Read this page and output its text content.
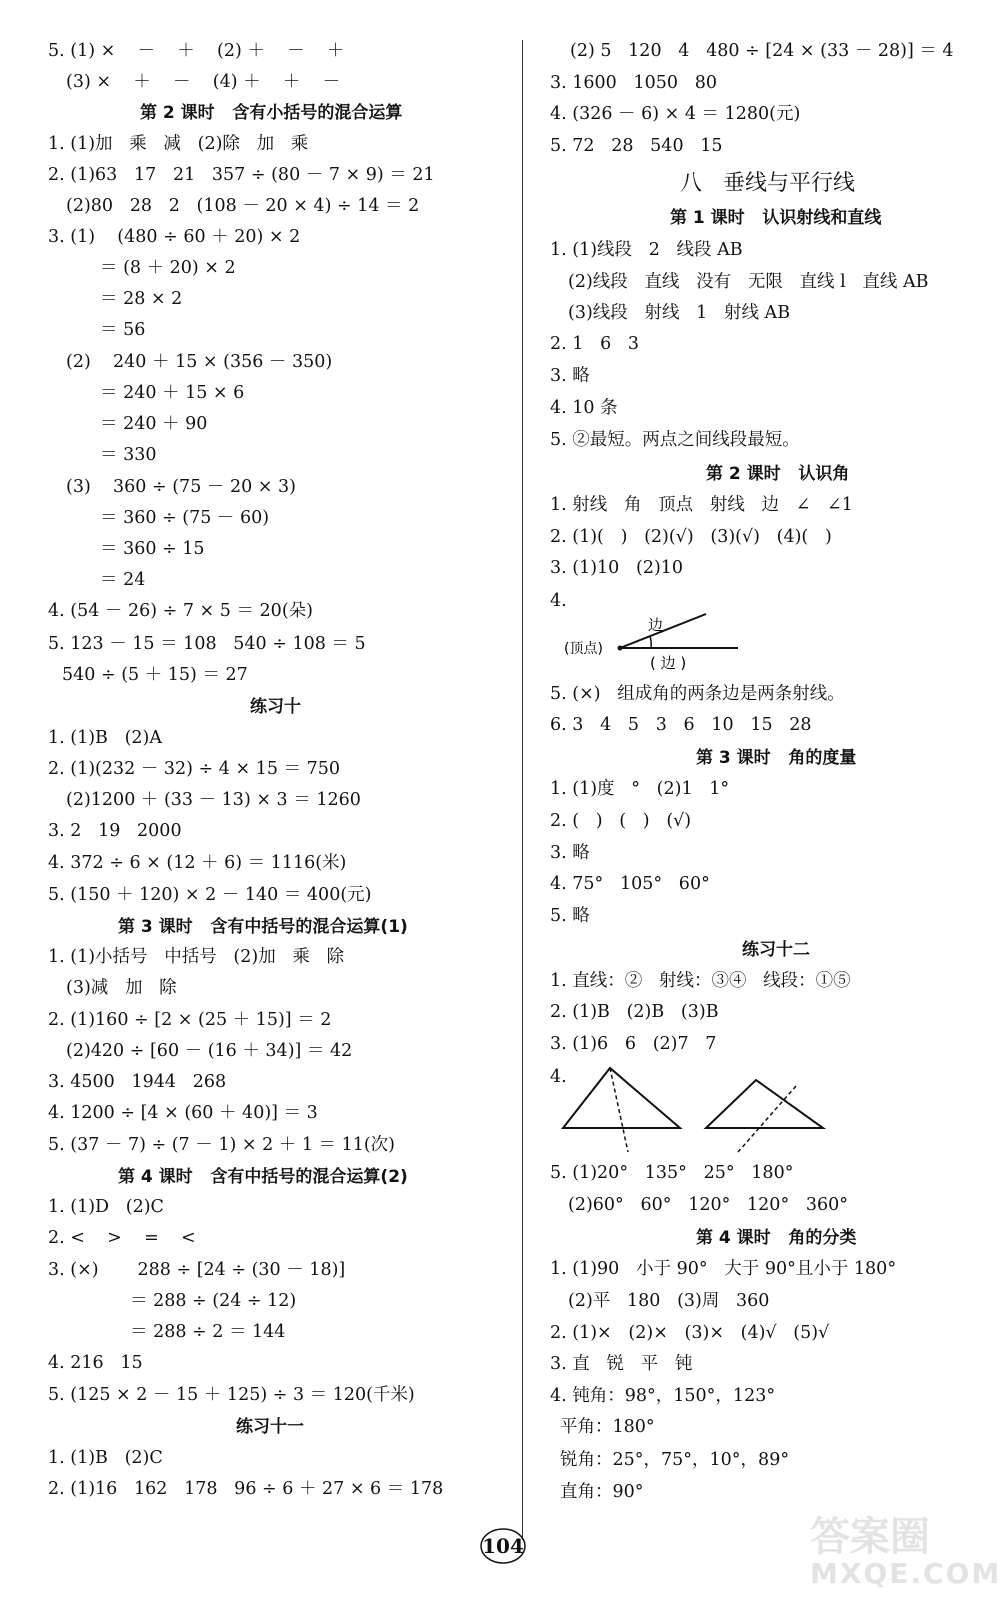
5. (1) ×    －    ＋    (2) ＋    －    ＋
(3) ×    ＋    －    (4) ＋    ＋    －
第 2 课时   含有小括号的混合运算
1. (1)加   乘   减   (2)除   加   乘
2. (1)63   17   21   357 ÷ (80 － 7 × 9) ＝ 21
(2)80   28   2   (108 － 20 × 4) ÷ 14 ＝ 2
3. (1)    (480 ÷ 60 ＋ 20) × 2
＝ (8 ＋ 20) × 2
＝ 28 × 2
＝ 56
(2)    240 ＋ 15 × (356 － 350)
＝ 240 ＋ 15 × 6
＝ 240 ＋ 90
＝ 330
(3)    360 ÷ (75 － 20 × 3)
＝ 360 ÷ (75 － 60)
＝ 360 ÷ 15
＝ 24
4. (54 － 26) ÷ 7 × 5 ＝ 20(朵)
5. 123 － 15 ＝ 108   540 ÷ 108 ＝ 5
540 ÷ (5 ＋ 15) ＝ 27
练习十
1. (1)B   (2)A
2. (1)(232 － 32) ÷ 4 × 15 ＝ 750
(2)1200 ＋ (33 － 13) × 3 ＝ 1260
3. 2   19   2000
4. 372 ÷ 6 × (12 ＋ 6) ＝ 1116(米)
5. (150 ＋ 120) × 2 － 140 ＝ 400(元)
第 3 课时   含有中括号的混合运算(1)
1. (1)小括号   中括号   (2)加   乘   除
(3)减   加   除
2. (1)160 ÷ [2 × (25 ＋ 15)] ＝ 2
(2)420 ÷ [60 － (16 ＋ 34)] ＝ 42
3. 4500   1944   268
4. 1200 ÷ [4 × (60 ＋ 40)] ＝ 3
5. (37 － 7) ÷ (7 － 1) × 2 ＋ 1 ＝ 11(次)
第 4 课时   含有中括号的混合运算(2)
1. (1)D   (2)C
2. <    >    =    <
3. (×)       288 ÷ [24 ÷ (30 － 18)]
＝ 288 ÷ (24 ÷ 12)
＝ 288 ÷ 2 ＝ 144
4. 216   15
5. (125 × 2 － 15 ＋ 125) ÷ 3 ＝ 120(千米)
练习十一
1. (1)B   (2)C
2. (1)16   162   178   96 ÷ 6 ＋ 27 × 6 ＝ 178
边
( 边 )
(顶点)
(2) 5   120   4   480 ÷ [24 × (33 － 28)] ＝ 4
3. 1600   1050   80
4. (326 － 6) × 4 ＝ 1280(元)
5. 72   28   540   15
八   垂线与平行线
第 1 课时   认识射线和直线
1. (1)线段   2   线段 AB
(2)线段   直线   没有   无限   直线 l   直线 AB
(3)线段   射线   1   射线 AB
2. 1   6   3
3. 略
4. 10 条
5. ②最短。两点之间线段最短。
第 2 课时   认识角
1. 射线   角   顶点   射线   边   ∠   ∠1
2. (1)(   )   (2)(√)   (3)(√)   (4)(   )
3. (1)10   (2)10
4.
5. (×)   组成角的两条边是两条射线。
6. 3   4   5   3   6   10   15   28
第 3 课时   角的度量
1. (1)度   °   (2)1   1°
2. (   )   (   )   (√)
3. 略
4. 75°   105°   60°
5. 略
练习十二
1. 直线：②   射线：③④   线段：①⑤
2. (1)B   (2)B   (3)B
3. (1)6   6   (2)7   7
4.
5. (1)20°   135°   25°   180°
(2)60°   60°   120°   120°   360°
第 4 课时   角的分类
1. (1)90   小于 90°   大于 90°且小于 180°
(2)平   180   (3)周   360
2. (1)×   (2)×   (3)×   (4)√   (5)√
3. 直   锐   平   钝
4. 钝角：98°，150°，123°
平角：180°
锐角：25°，75°，10°，89°
直角：90°
104	答案圈
MXQE.COM
